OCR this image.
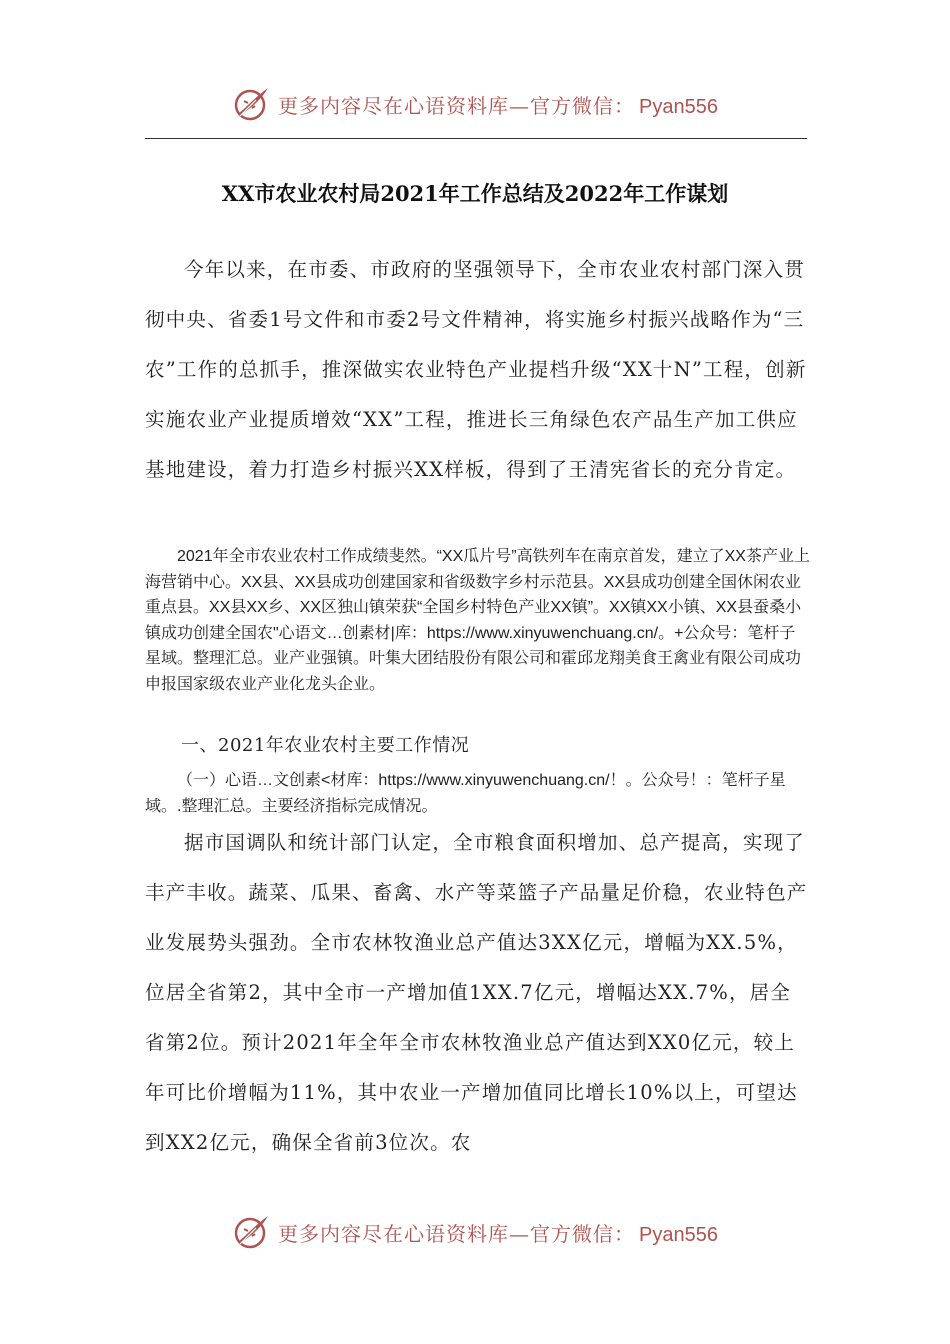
更多内容尽在心语资料库—官方微信： Pyan556
XX市农业农村局2021年工作总结及2022年工作谋划

今年以来，在市委、市政府的坚强领导下，全市农业农村部门深入贯彻中央、省委1号文件和市委2号文件精神，将实施乡村振兴战略作为“三农”工作的总抓手，推深做实农业特色产业提档升级“XX十N”工程，创新实施农业产业提质增效“XX”工程，推进长三角绿色农产品生产加工供应基地建设，着力打造乡村振兴XX样板，得到了王清宪省长的充分肯定。

2021年全市农业农村工作成绩斐然。“XX瓜片号”高铁列车在南京首发，建立了XX茶产业上海营销中心。XX县、XX县成功创建国家和省级数字乡村示范县。XX县成功创建全国休闲农业重点县。XX县XX乡、XX区独山镇荣获“全国乡村特色产业XX镇”。XX镇XX小镇、XX县蚕桑小镇成功创建全国农"心语文…创素材|库：https://www.xinyuwenchuang.cn/。+公众号：笔杆子星域。整理汇总。业产业强镇。叶集大团结股份有限公司和霍邱龙翔美食王禽业有限公司成功申报国家级农业产业化龙头企业。

一、2021年农业农村主要工作情况

（一）心语…文创素<材库：https://www.xinyuwenchuang.cn/！。公众号！：笔杆子星域。.整理汇总。主要经济指标完成情况。

据市国调队和统计部门认定，全市粮食面积增加、总产提高，实现了丰产丰收。蔬菜、瓜果、畜禽、水产等菜篮子产品量足价稳，农业特色产业发展势头强劲。全市农林牧渔业总产值达3XX亿元，增幅为XX.5%，位居全省第2，其中全市一产增加值1XX.7亿元，增幅达XX.7%，居全省第2位。预计2021年全年全市农林牧渔业总产值达到XX0亿元，较上年可比价增幅为11%，其中农业一产增加值同比增长10%以上，可望达到XX2亿元，确保全省前3位次。农

更多内容尽在心语资料库—官方微信： Pyan556
